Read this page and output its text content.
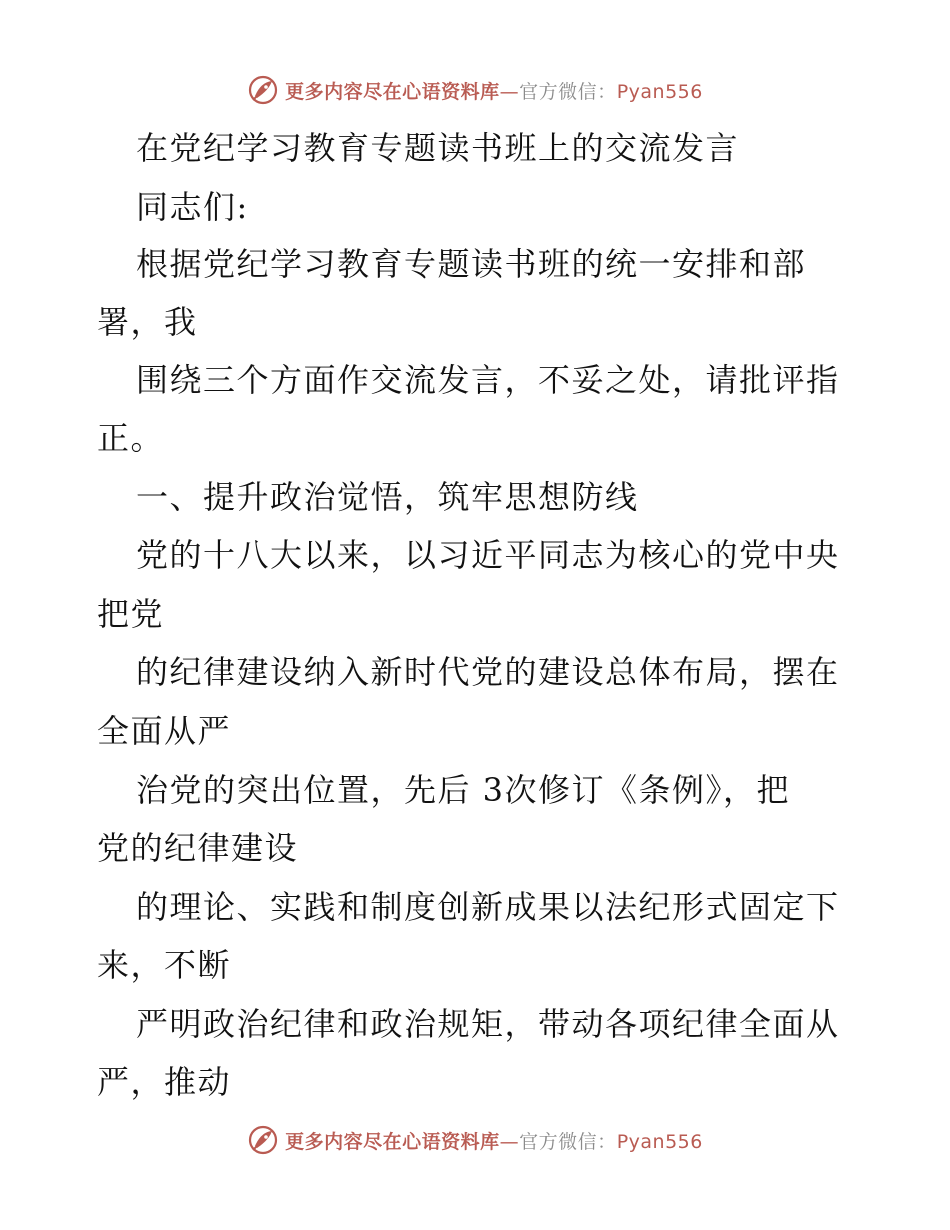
更多内容尽在心语资料库—官方微信：Pyan556
在党纪学习教育专题读书班上的交流发言
同志们:
根据党纪学习教育专题读书班的统一安排和部
署，我
围绕三个方面作交流发言，不妥之处，请批评指
正。
一、提升政治觉悟，筑牢思想防线
党的十八大以来，以习近平同志为核心的党中央
把党
的纪律建设纳入新时代党的建设总体布局，摆在
全面从严
治党的突出位置，先后 3次修订《条例》，把
党的纪律建设
的理论、实践和制度创新成果以法纪形式固定下
来，不断
严明政治纪律和政治规矩，带动各项纪律全面从
严，推动
更多内容尽在心语资料库—官方微信：Pyan556
